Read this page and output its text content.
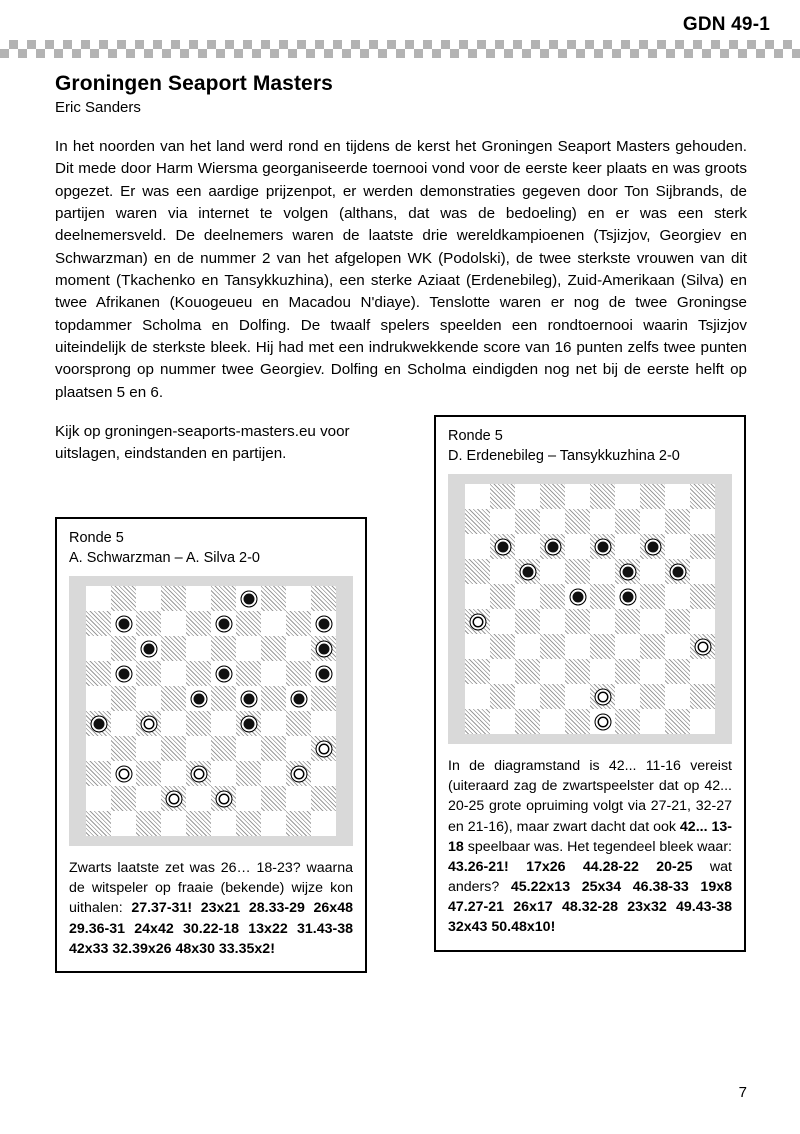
GDN 49-1
Groningen Seaport Masters

Eric Sanders

In het noorden van het land werd rond en tijdens de kerst het Groningen Seaport Masters gehouden. Dit mede door Harm Wiersma georganiseerde toernooi vond voor de eerste keer plaats en was groots opgezet. Er was een aardige prijzenpot, er werden demonstraties gegeven door Ton Sijbrands, de partijen waren via internet te volgen (althans, dat was de bedoeling) en er was een sterk deelnemersveld. De deelnemers waren de laatste drie wereldkampioenen (Tsjizjov, Georgiev en Schwarzman) en de nummer 2 van het afgelopen WK (Podolski), de twee sterkste vrouwen van dit moment (Tkachenko en Tansykkuzhina), een sterke Aziaat (Erdenebileg), Zuid-Amerikaan (Silva) en twee Afrikanen (Kouogeueu en Macadou N'diaye). Tenslotte waren er nog de twee Groningse topdammer Scholma en Dolfing. De twaalf spelers speelden een rondtoernooi waarin Tsjizjov uiteindelijk de sterkste bleek. Hij had met een indrukwekkende score van 16 punten zelfs twee punten voorsprong op nummer twee Georgiev. Dolfing en Scholma eindigden nog net bij de eerste helft op plaatsen 5 en 6.

Kijk op groningen-seaports-masters.eu voor uitslagen, eindstanden en partijen.

Ronde 5
D. Erdenebileg – Tansykkuzhina 2-0

In de diagramstand is 42... 11-16 vereist (uiteraard zag de zwartspeelster dat op 42... 20-25 grote opruiming volgt via 27-21, 32-27 en 21-16), maar zwart dacht dat ook 42... 13-18 speelbaar was. Het tegendeel bleek waar: 43.26-21! 17x26 44.28-22 20-25 wat anders? 45.22x13 25x34 46.38-33 19x8 47.27-21 26x17 48.32-28 23x32 49.43-38 32x43 50.48x10!

Ronde 5
A. Schwarzman – A. Silva 2-0

Zwarts laatste zet was 26… 18-23? waarna de witspeler op fraaie (bekende) wijze kon uithalen: 27.37-31! 23x21 28.33-29 26x48 29.36-31 24x42 30.22-18 13x22 31.43-38 42x33 32.39x26 48x30 33.35x2!

7
